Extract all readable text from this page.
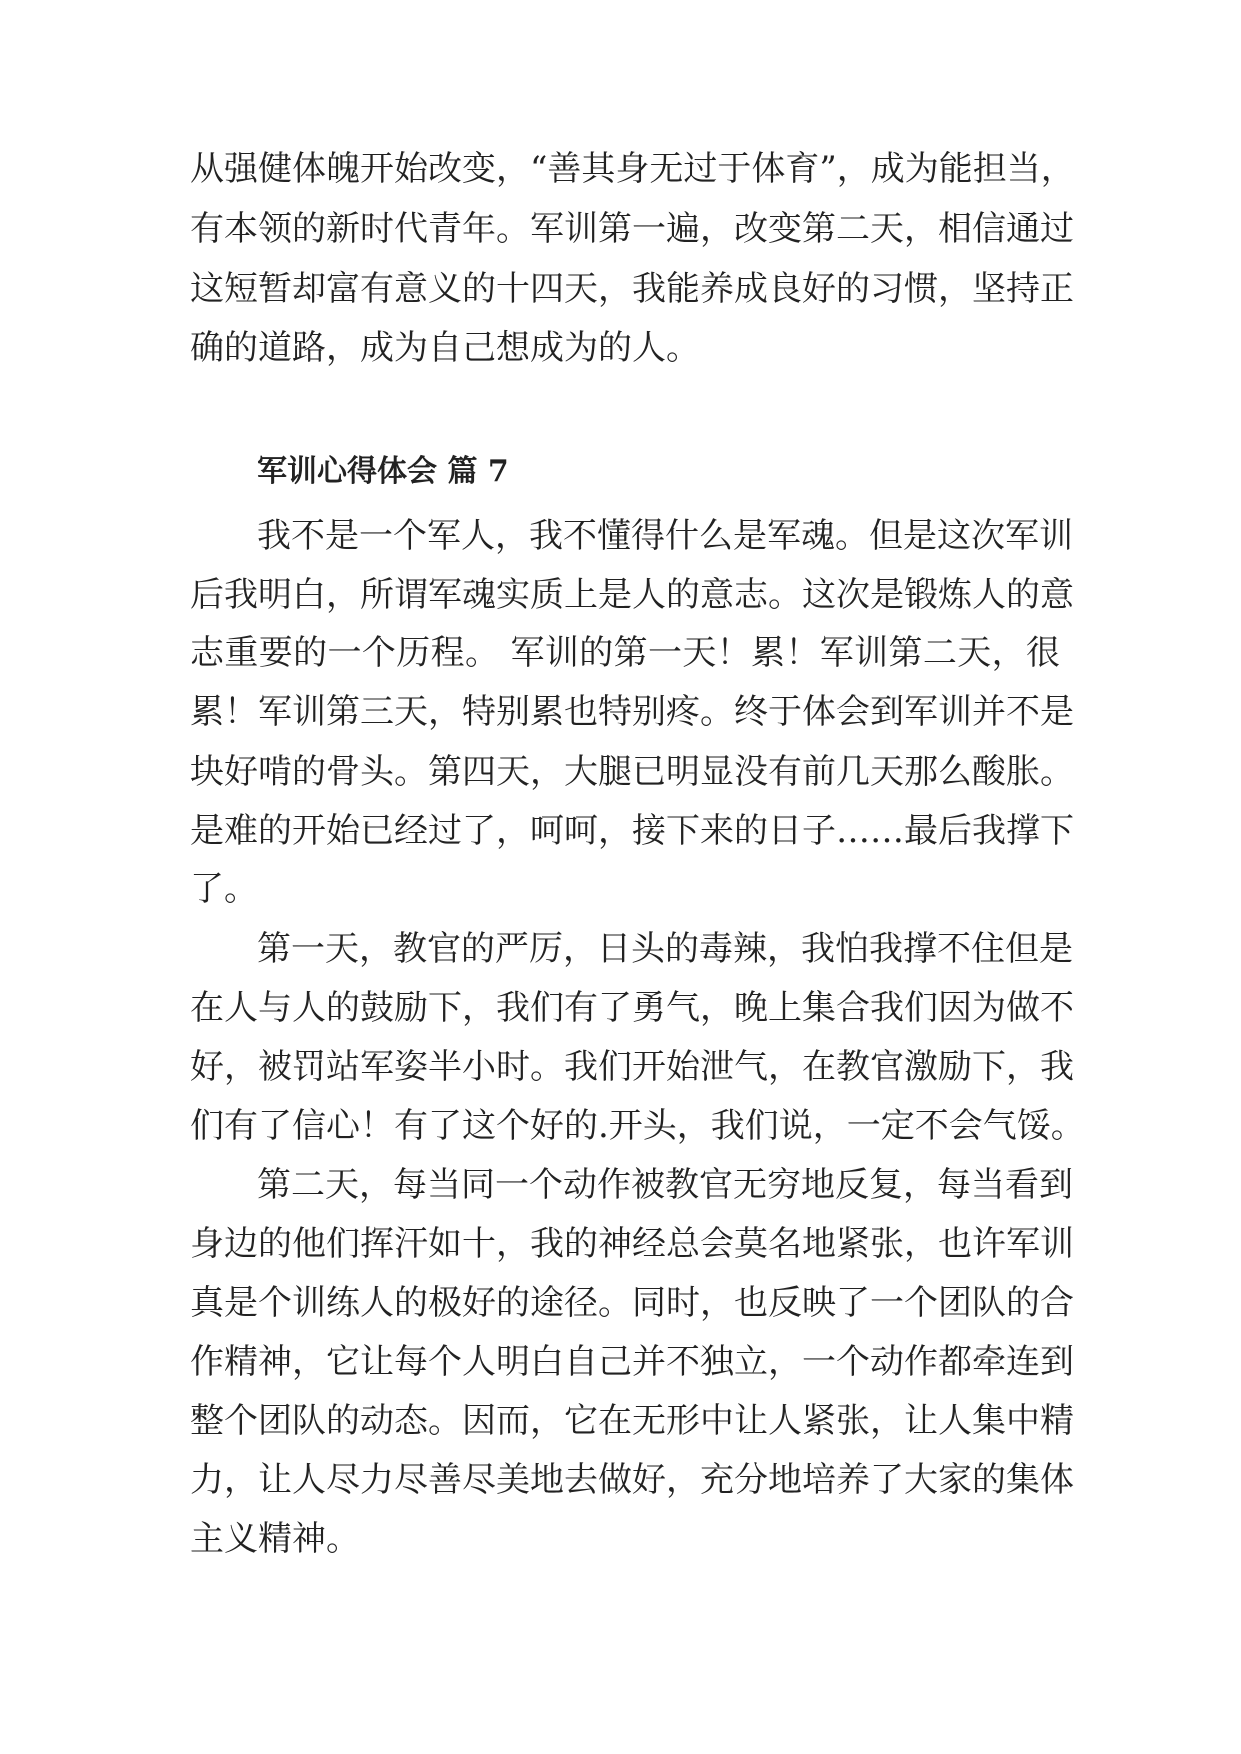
从强健体魄开始改变，“善其身无过于体育”，成为能担当，

有本领的新时代青年。军训第一遍，改变第二天，相信通过

这短暂却富有意义的十四天，我能养成良好的习惯，坚持正

确的道路，成为自己想成为的人。

军训心得体会 篇 7

我不是一个军人，我不懂得什么是军魂。但是这次军训

后我明白，所谓军魂实质上是人的意志。这次是锻炼人的意

志重要的一个历程。 军训的第一天！累！军训第二天，很

累！军训第三天，特别累也特别疼。终于体会到军训并不是

块好啃的骨头。第四天，大腿已明显没有前几天那么酸胀。

是难的开始已经过了，呵呵，接下来的日子……最后我撑下

了。

第一天，教官的严厉，日头的毒辣，我怕我撑不住但是

在人与人的鼓励下，我们有了勇气，晚上集合我们因为做不

好，被罚站军姿半小时。我们开始泄气，在教官激励下，我

们有了信心！有了这个好的.开头，我们说，一定不会气馁。

第二天，每当同一个动作被教官无穷地反复，每当看到

身边的他们挥汗如十，我的神经总会莫名地紧张，也许军训

真是个训练人的极好的途径。同时，也反映了一个团队的合

作精神，它让每个人明白自己并不独立，一个动作都牵连到

整个团队的动态。因而，它在无形中让人紧张，让人集中精

力，让人尽力尽善尽美地去做好，充分地培养了大家的集体

主义精神。
